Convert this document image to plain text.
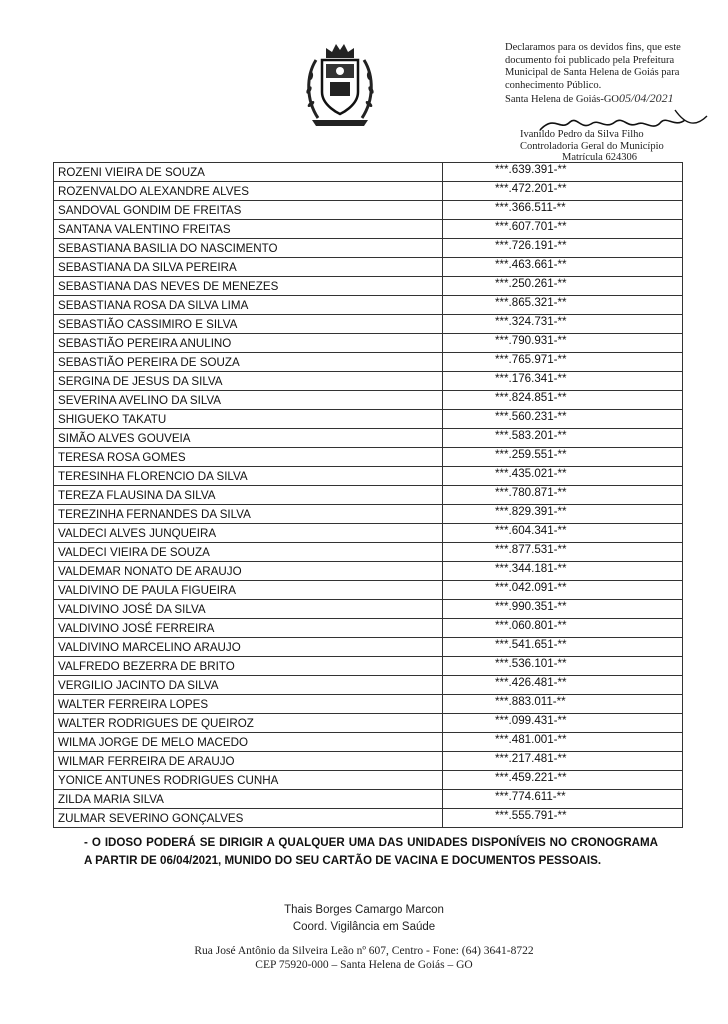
Declaramos para os devidos fins, que este
documento foi publicado pela Prefeitura
Municipal de Santa Helena de Goiás para
conhecimento Público.
Santa Helena de Goiás-GO05/04/2021
Ivanildo Pedro da Silva Filho
Controladoria Geral do Município
Matrícula 624306
ROZENI VIEIRA DE SOUZA	***.639.391-**
ROZENVALDO ALEXANDRE ALVES	***.472.201-**
SANDOVAL GONDIM DE FREITAS	***.366.511-**
SANTANA VALENTINO FREITAS	***.607.701-**
SEBASTIANA BASILIA DO NASCIMENTO	***.726.191-**
SEBASTIANA DA SILVA PEREIRA	***.463.661-**
SEBASTIANA DAS NEVES DE MENEZES	***.250.261-**
SEBASTIANA ROSA DA SILVA LIMA	***.865.321-**
SEBASTIÃO CASSIMIRO E SILVA	***.324.731-**
SEBASTIÃO PEREIRA ANULINO	***.790.931-**
SEBASTIÃO PEREIRA DE SOUZA	***.765.971-**
SERGINA DE JESUS DA SILVA	***.176.341-**
SEVERINA AVELINO DA SILVA	***.824.851-**
SHIGUEKO TAKATU	***.560.231-**
SIMÃO ALVES GOUVEIA	***.583.201-**
TERESA ROSA GOMES	***.259.551-**
TERESINHA FLORENCIO DA SILVA	***.435.021-**
TEREZA FLAUSINA DA SILVA	***.780.871-**
TEREZINHA FERNANDES DA SILVA	***.829.391-**
VALDECI ALVES JUNQUEIRA	***.604.341-**
VALDECI VIEIRA DE SOUZA	***.877.531-**
VALDEMAR NONATO DE ARAUJO	***.344.181-**
VALDIVINO DE PAULA FIGUEIRA	***.042.091-**
VALDIVINO JOSÉ DA SILVA	***.990.351-**
VALDIVINO JOSÉ FERREIRA	***.060.801-**
VALDIVINO MARCELINO ARAUJO	***.541.651-**
VALFREDO BEZERRA DE BRITO	***.536.101-**
VERGILIO JACINTO DA SILVA	***.426.481-**
WALTER FERREIRA LOPES	***.883.011-**
WALTER RODRIGUES DE QUEIROZ	***.099.431-**
WILMA JORGE DE MELO MACEDO	***.481.001-**
WILMAR FERREIRA DE ARAUJO	***.217.481-**
YONICE ANTUNES RODRIGUES CUNHA	***.459.221-**
ZILDA MARIA SILVA	***.774.611-**
ZULMAR SEVERINO GONÇALVES	***.555.791-**
- O IDOSO PODERÁ SE DIRIGIR A QUALQUER UMA DAS UNIDADES DISPONÍVEIS NO CRONOGRAMA A PARTIR DE 06/04/2021, MUNIDO DO SEU CARTÃO DE VACINA E DOCUMENTOS PESSOAIS.
Thais Borges Camargo Marcon
Coord. Vigilância em Saúde
Rua José Antônio da Silveira Leão nº 607, Centro - Fone: (64) 3641-8722
CEP 75920-000 – Santa Helena de Goiás – GO
